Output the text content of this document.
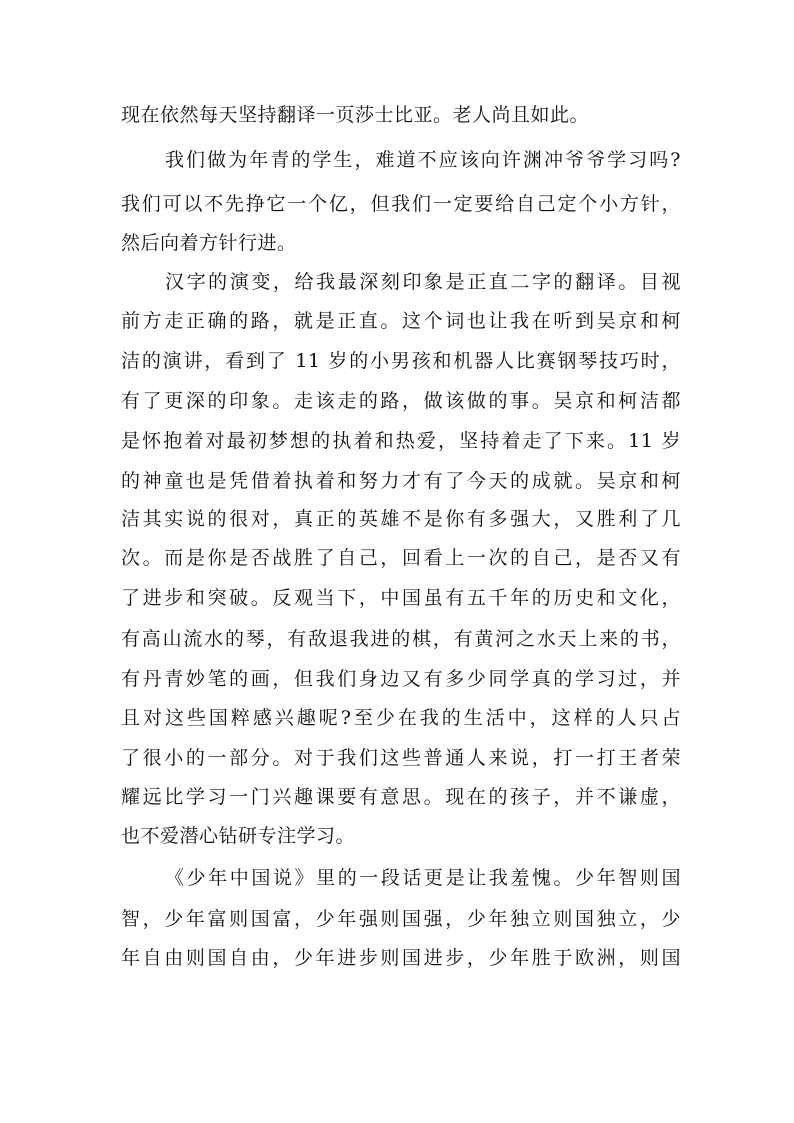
现在依然每天坚持翻译一页莎士比亚。老人尚且如此。
我们做为年青的学生，难道不应该向许渊冲爷爷学习吗?
我们可以不先挣它一个亿，但我们一定要给自己定个小方针，
然后向着方针行进。
汉字的演变，给我最深刻印象是正直二字的翻译。目视
前方走正确的路，就是正直。这个词也让我在听到吴京和柯
洁的演讲，看到了 11 岁的小男孩和机器人比赛钢琴技巧时，
有了更深的印象。走该走的路，做该做的事。吴京和柯洁都
是怀抱着对最初梦想的执着和热爱，坚持着走了下来。11 岁
的神童也是凭借着执着和努力才有了今天的成就。吴京和柯
洁其实说的很对，真正的英雄不是你有多强大，又胜利了几
次。而是你是否战胜了自己，回看上一次的自己，是否又有
了进步和突破。反观当下，中国虽有五千年的历史和文化，
有高山流水的琴，有敌退我进的棋，有黄河之水天上来的书，
有丹青妙笔的画，但我们身边又有多少同学真的学习过，并
且对这些国粹感兴趣呢?至少在我的生活中，这样的人只占
了很小的一部分。对于我们这些普通人来说，打一打王者荣
耀远比学习一门兴趣课要有意思。现在的孩子，并不谦虚，
也不爱潜心钻研专注学习。
《少年中国说》里的一段话更是让我羞愧。少年智则国
智，少年富则国富，少年强则国强，少年独立则国独立，少
年自由则国自由，少年进步则国进步，少年胜于欧洲，则国
